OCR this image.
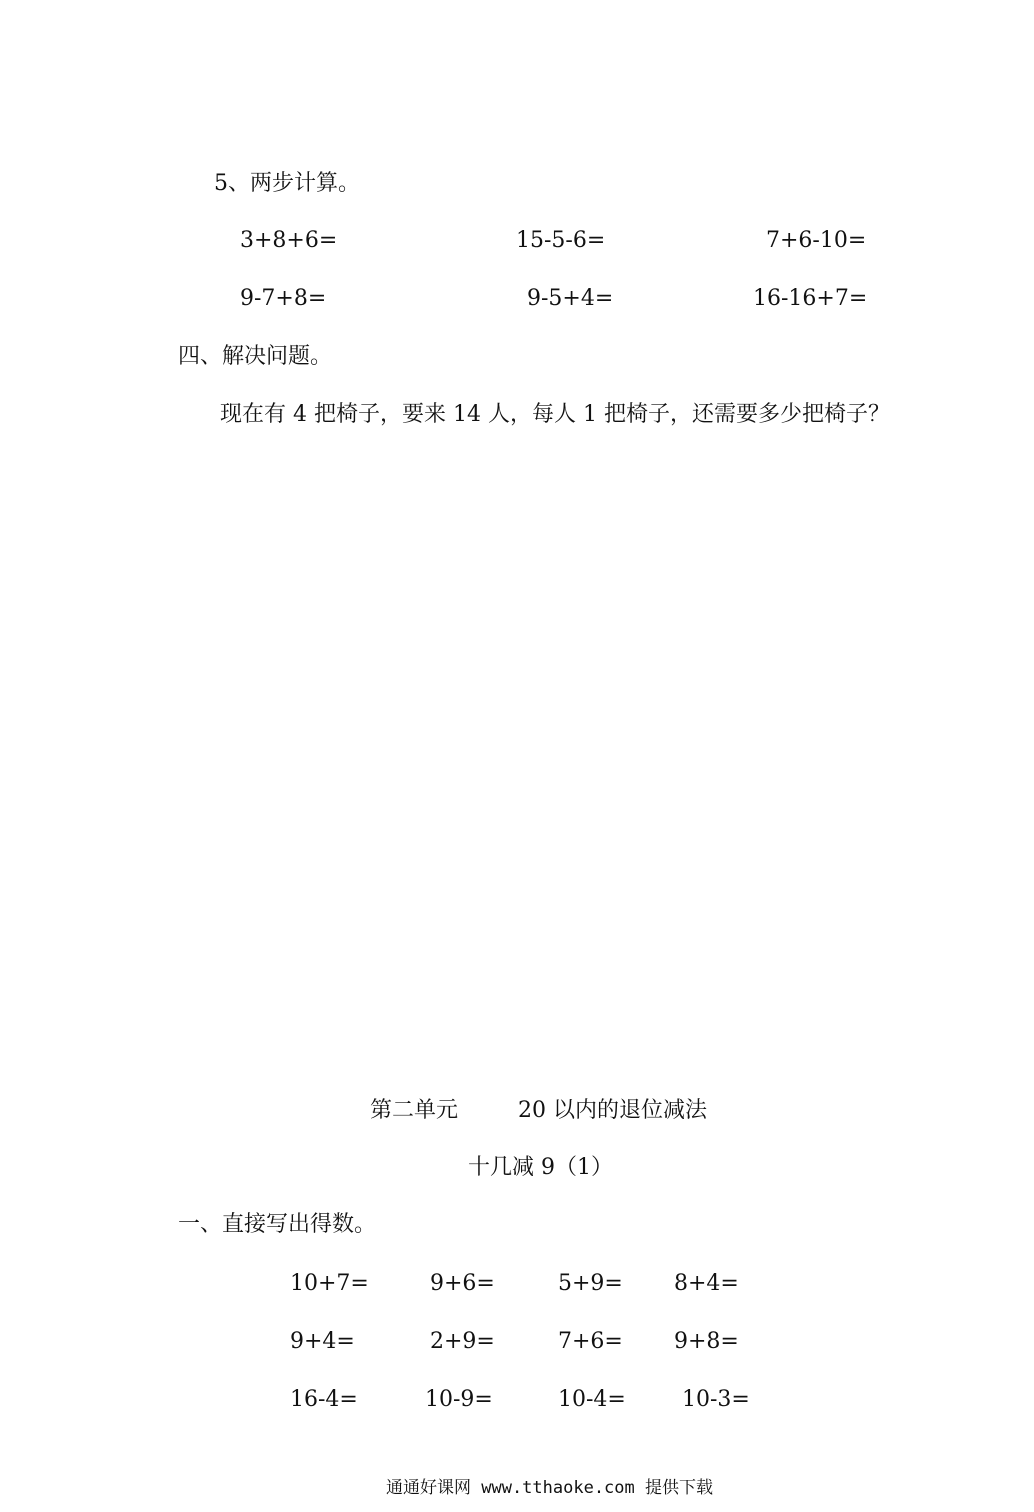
5、两步计算。
3+8+6=	15-5-6=	7+6-10=
9-7+8=	9-5+4=	16-16+7=
四、解决问题。
现在有 4 把椅子，要来 14 人，每人 1 把椅子，还需要多少把椅子？
第二单元	20 以内的退位减法
十几减 9（1）
一、直接写出得数。
10+7=	9+6=	5+9= 8+4=
9+4=	2+9=	7+6= 9+8=
16-4=	10-9=	10-4=	10-3=
通通好课网 www.tthaoke.com 提供下载
